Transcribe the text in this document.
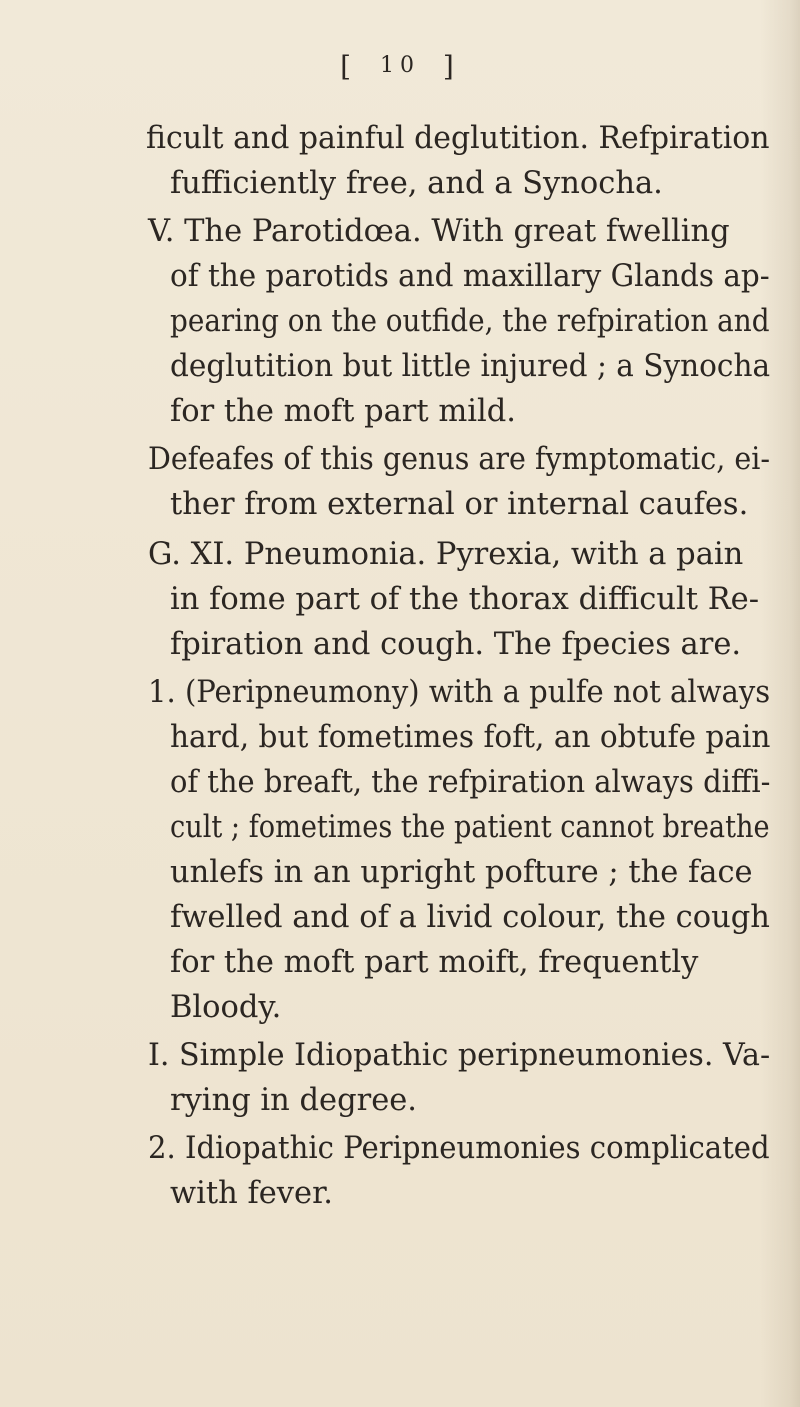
[ 10 ]
ficult and painful deglutition. Refpiration
fufficiently free, and a Synocha.
V. The Parotidœa. With great fwelling
of the parotids and maxillary Glands ap-
pearing on the outfide, the refpiration and
deglutition but little injured ; a Synocha
for the moft part mild.
Defeafes of this genus are fymptomatic, ei-
ther from external or internal caufes.
G. XI. Pneumonia. Pyrexia, with a pain
in fome part of the thorax difficult Re-
fpiration and cough. The fpecies are.
1. (Peripneumony) with a pulfe not always
hard, but fometimes foft, an obtufe pain
of the breaft, the refpiration always diffi-
cult ; fometimes the patient cannot breathe
unlefs in an upright pofture ; the face
fwelled and of a livid colour, the cough
for the moft part moift, frequently
Bloody.
I. Simple Idiopathic peripneumonies. Va-
rying in degree.
2. Idiopathic Peripneumonies complicated
with fever.
